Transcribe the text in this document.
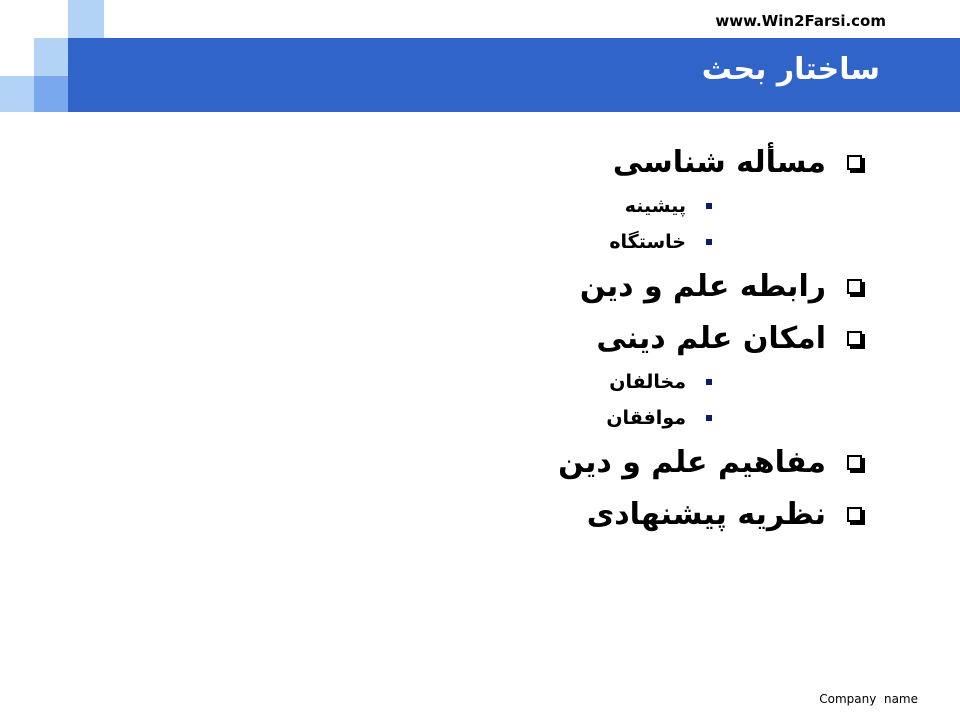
www.Win2Farsi.com
ساختار بحث
مسأله شناسی
پیشینه
خاستگاه
رابطه علم و دین
امکان علم دینی
مخالفان
موافقان
مفاهیم علم و دین
نظریه پیشنهادی
Company  name
